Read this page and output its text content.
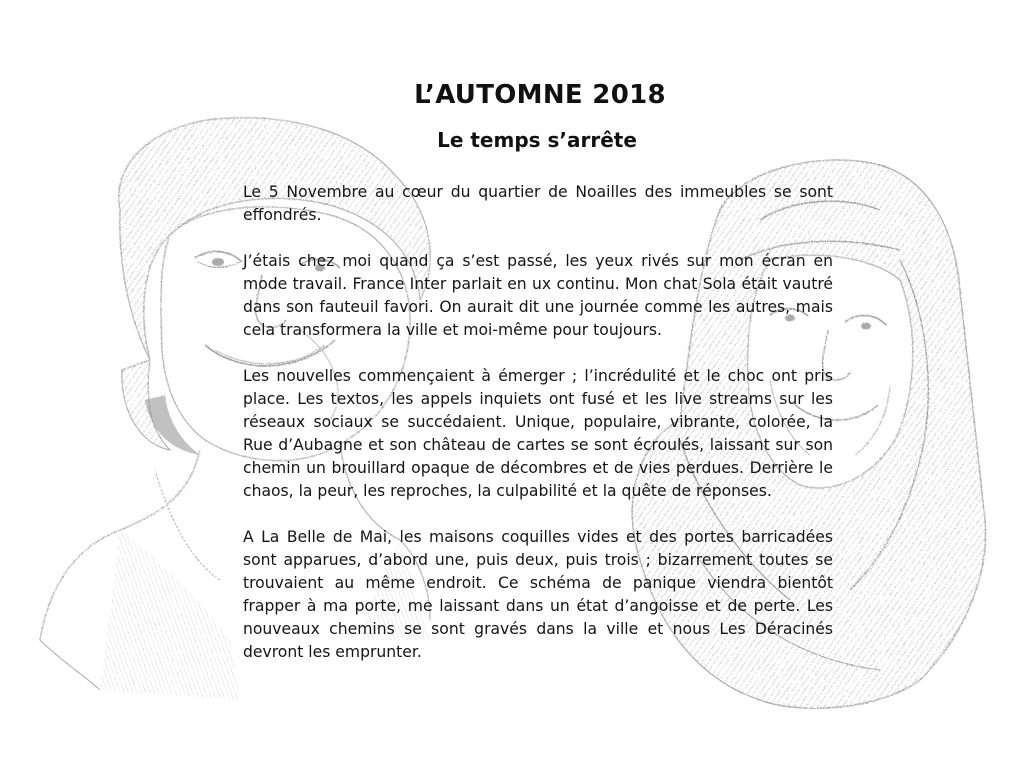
L’AUTOMNE 2018
Le temps s’arrête

Le 5 Novembre au cœur du quartier de Noailles des immeubles se sont effondrés.

J’étais chez moi quand ça s’est passé, les yeux rivés sur mon écran en mode travail. France Inter parlait en ux continu. Mon chat Sola était vautré dans son fauteuil favori. On aurait dit une journée comme les autres, mais cela transformera la ville et moi-même pour toujours.

Les nouvelles commençaient à émerger ; l’incrédulité et le choc ont pris place. Les textos, les appels inquiets ont fusé et les live streams sur les réseaux sociaux se succédaient. Unique, populaire, vibrante, colorée, la Rue d’Aubagne et son château de cartes se sont écroulés, laissant sur son chemin un brouillard opaque de décombres et de vies perdues. Derrière le chaos, la peur, les reproches, la culpabilité et la quête de réponses.

A La Belle de Mai, les maisons coquilles vides et des portes barricadées sont apparues, d’abord une, puis deux, puis trois ; bizarrement toutes se trouvaient au même endroit. Ce schéma de panique viendra bientôt frapper à ma porte, me laissant dans un état d’angoisse et de perte. Les nouveaux chemins se sont gravés dans la ville et nous Les Déracinés devront les emprunter.
